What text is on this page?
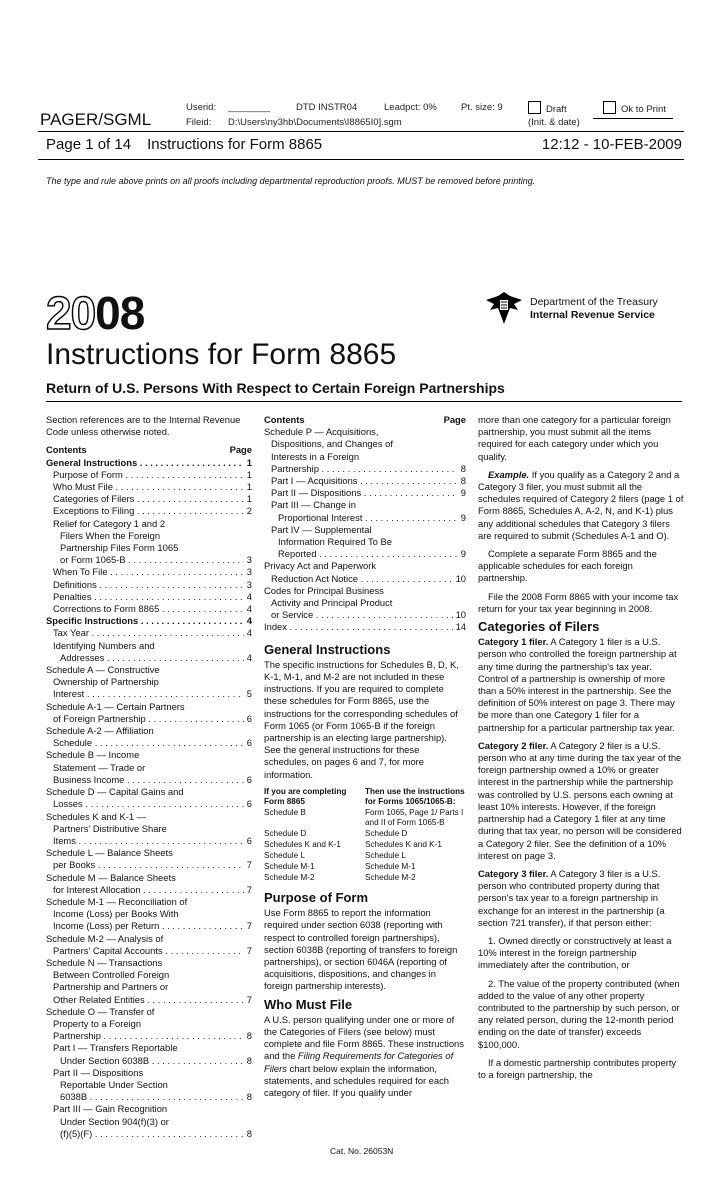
Userid: ________	DTD INSTR04	Leadpct: 0%	Pt. size: 9	Draft	Ok to Print
PAGER/SGML	Fileid: D:\Users\ny3hb\Documents\I8865I0].sgm	(Init. & date)
Page 1 of 14 Instructions for Form 8865	12:12 - 10-FEB-2009
The type and rule above prints on all proofs including departmental reproduction proofs. MUST be removed before printing.
2008	Department of the Treasury
Internal Revenue Service
Instructions for Form 8865
Return of U.S. Persons With Respect to Certain Foreign Partnerships

Section references are to the Internal Revenue Code unless otherwise noted.

Contents	Page
General Instructions . . .	1
Purpose of Form . . .	1
Who Must File . . .	1
Categories of Filers . . .	1
Exceptions to Filing . . .	2
Relief for Category 1 and 2
Filers When the Foreign
Partnership Files Form 1065
or Form 1065-B . . .	3
When To File . . .	3
Definitions . . .	3
Penalties . . .	4
Corrections to Form 8865 . . .	4
Specific Instructions . . .	4
Tax Year . . .	4
Identifying Numbers and
Addresses . . .	4
Schedule A — Constructive
Ownership of Partnership
Interest . . .	5
Schedule A-1 — Certain Partners
of Foreign Partnership . . .	6
Schedule A-2 — Affiliation
Schedule . . .	6
Schedule B — Income
Statement — Trade or
Business Income . . .	6
Schedule D — Capital Gains and
Losses . . .	6
Schedules K and K-1 —
Partners' Distributive Share
Items . . .	6
Schedule L — Balance Sheets
per Books . . .	7
Schedule M — Balance Sheets
for Interest Allocation . . .	7
Schedule M-1 — Reconciliation of
Income (Loss) per Books With
Income (Loss) per Return . . .	7
Schedule M-2 — Analysis of
Partners' Capital Accounts . . .	7
Schedule N — Transactions
Between Controlled Foreign
Partnership and Partners or
Other Related Entities . . .	7
Schedule O — Transfer of
Property to a Foreign
Partnership . . .	8
Part I — Transfers Reportable
Under Section 6038B . . .	8
Part II — Dispositions
Reportable Under Section
6038B . . .	8
Part III — Gain Recognition
Under Section 904(f)(3) or
(f)(5)(F) . . .	8
Contents	Page
Schedule P — Acquisitions,
Dispositions, and Changes of
Interests in a Foreign
Partnership . . .	8
Part I — Acquisitions . . .	8
Part II — Dispositions . . .	9
Part III — Change in
Proportional Interest . . .	9
Part IV — Supplemental
Information Required To Be
Reported . . .	9
Privacy Act and Paperwork
Reduction Act Notice . . .	10
Codes for Principal Business
Activity and Principal Product
or Service . . .	10
Index . . .	14
General Instructions

The specific instructions for Schedules B, D, K, K-1, M-1, and M-2 are not included in these instructions. If you are required to complete these schedules for Form 8865, use the instructions for the corresponding schedules of Form 1065 (or Form 1065-B if the foreign partnership is an electing large partnership). See the general instructions for these schedules, on pages 6 and 7, for more information.

If you are completing Form 8865	Then use the instructions for Forms 1065/1065-B:
Schedule B	Form 1065, Page 1/ Parts I and II of Form 1065-B
Schedule D	Schedule D
Schedules K and K-1	Schedules K and K-1
Schedule L	Schedule L
Schedule M-1	Schedule M-1
Schedule M-2	Schedule M-2
Purpose of Form

Use Form 8865 to report the information required under section 6038 (reporting with respect to controlled foreign partnerships), section 6038B (reporting of transfers to foreign partnerships), or section 6046A (reporting of acquisitions, dispositions, and changes in foreign partnership interests).

Who Must File

A U.S. person qualifying under one or more of the Categories of Filers (see below) must complete and file Form 8865. These instructions and the Filing Requirements for Categories of Filers chart below explain the information, statements, and schedules required for each category of filer. If you qualify under

more than one category for a particular foreign partnership, you must submit all the items required for each category under which you qualify.

Example. If you qualify as a Category 2 and a Category 3 filer, you must submit all the schedules required of Category 2 filers (page 1 of Form 8865, Schedules A, A-2, N, and K-1) plus any additional schedules that Category 3 filers are required to submit (Schedules A-1 and O).

Complete a separate Form 8865 and the applicable schedules for each foreign partnership.

File the 2008 Form 8865 with your income tax return for your tax year beginning in 2008.

Categories of Filers

Category 1 filer. A Category 1 filer is a U.S. person who controlled the foreign partnership at any time during the partnership's tax year. Control of a partnership is ownership of more than a 50% interest in the partnership. See the definition of 50% interest on page 3. There may be more than one Category 1 filer for a partnership for a particular partnership tax year.

Category 2 filer. A Category 2 filer is a U.S. person who at any time during the tax year of the foreign partnership owned a 10% or greater interest in the partnership while the partnership was controlled by U.S. persons each owning at least 10% interests. However, if the foreign partnership had a Category 1 filer at any time during that tax year, no person will be considered a Category 2 filer. See the definition of a 10% interest on page 3.

Category 3 filer. A Category 3 filer is a U.S. person who contributed property during that person's tax year to a foreign partnership in exchange for an interest in the partnership (a section 721 transfer), if that person either:

1. Owned directly or constructively at least a 10% interest in the foreign partnership immediately after the contribution, or

2. The value of the property contributed (when added to the value of any other property contributed to the partnership by such person, or any related person, during the 12-month period ending on the date of transfer) exceeds $100,000.

If a domestic partnership contributes property to a foreign partnership, the

Cat. No. 26053N
